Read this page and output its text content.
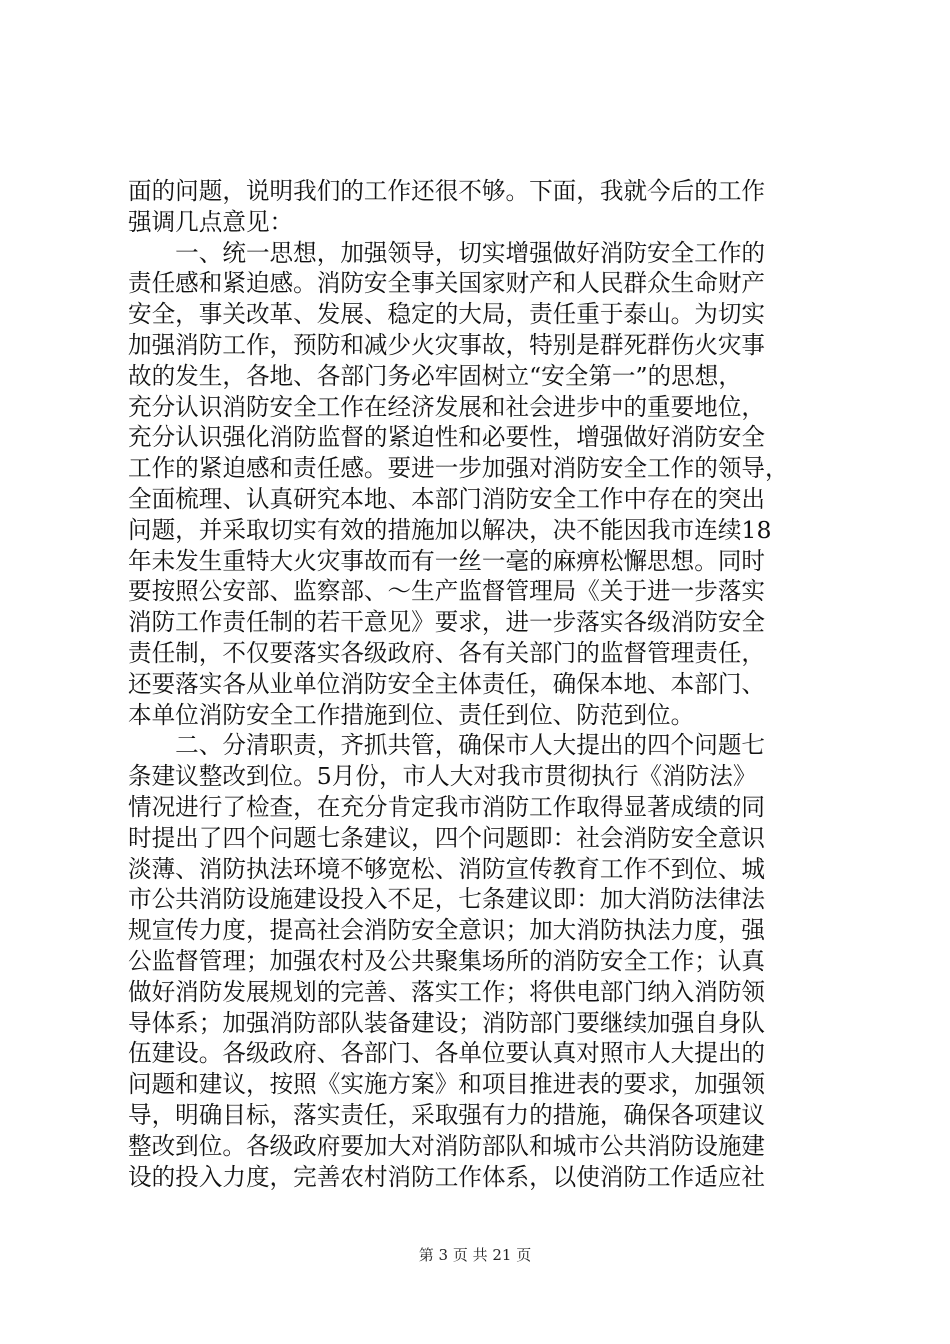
面的问题，说明我们的工作还很不够。下面，我就今后的工作
强调几点意见：
　　一、统一思想，加强领导，切实增强做好消防安全工作的
责任感和紧迫感。消防安全事关国家财产和人民群众生命财产
安全，事关改革、发展、稳定的大局，责任重于泰山。为切实
加强消防工作，预防和减少火灾事故，特别是群死群伤火灾事
故的发生，各地、各部门务必牢固树立“安全第一”的思想，
充分认识消防安全工作在经济发展和社会进步中的重要地位，
充分认识强化消防监督的紧迫性和必要性，增强做好消防安全
工作的紧迫感和责任感。要进一步加强对消防安全工作的领导，
全面梳理、认真研究本地、本部门消防安全工作中存在的突出
问题，并采取切实有效的措施加以解决，决不能因我市连续18
年未发生重特大火灾事故而有一丝一毫的麻痹松懈思想。同时
要按照公安部、监察部、～生产监督管理局《关于进一步落实
消防工作责任制的若干意见》要求，进一步落实各级消防安全
责任制，不仅要落实各级政府、各有关部门的监督管理责任，
还要落实各从业单位消防安全主体责任，确保本地、本部门、
本单位消防安全工作措施到位、责任到位、防范到位。
　　二、分清职责，齐抓共管，确保市人大提出的四个问题七
条建议整改到位。5月份，市人大对我市贯彻执行《消防法》
情况进行了检查，在充分肯定我市消防工作取得显著成绩的同
时提出了四个问题七条建议，四个问题即：社会消防安全意识
淡薄、消防执法环境不够宽松、消防宣传教育工作不到位、城
市公共消防设施建设投入不足，七条建议即：加大消防法律法
规宣传力度，提高社会消防安全意识；加大消防执法力度，强
公监督管理；加强农村及公共聚集场所的消防安全工作；认真
做好消防发展规划的完善、落实工作；将供电部门纳入消防领
导体系；加强消防部队装备建设；消防部门要继续加强自身队
伍建设。各级政府、各部门、各单位要认真对照市人大提出的
问题和建议，按照《实施方案》和项目推进表的要求，加强领
导，明确目标，落实责任，采取强有力的措施，确保各项建议
整改到位。各级政府要加大对消防部队和城市公共消防设施建
设的投入力度，完善农村消防工作体系，以使消防工作适应社
第 3 页 共 21 页
